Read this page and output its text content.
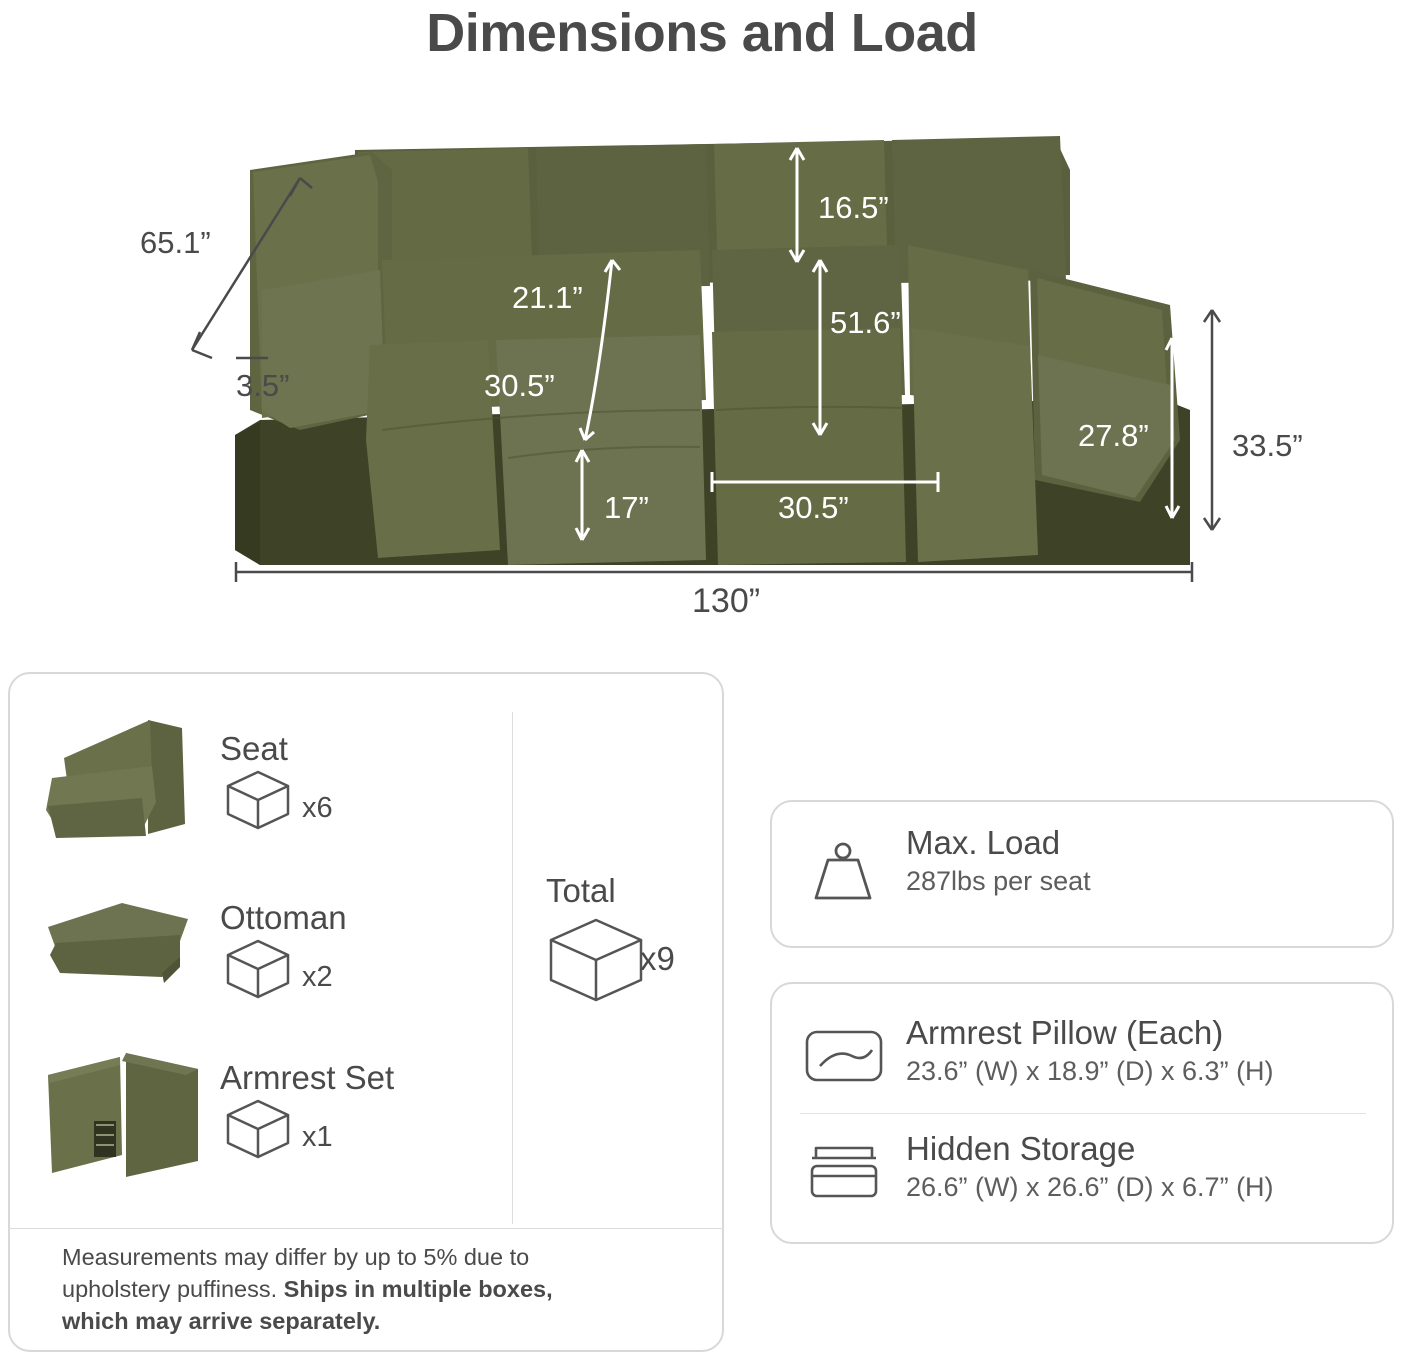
Dimensions and Load
65.1”
3.5”
16.5”
21.1”
51.6”
30.5”
17”	30.5”
27.8”	33.5”
130”
Seat
x6
Ottoman
x2
Armrest Set
x1
Total
x9
Measurements may differ by up to 5% due to upholstery puffiness. Ships in multiple boxes, which may arrive separately.
Max. Load
287lbs per seat
Armrest Pillow (Each)
23.6” (W) x 18.9” (D) x 6.3” (H)
Hidden Storage
26.6” (W) x 26.6” (D) x 6.7” (H)
